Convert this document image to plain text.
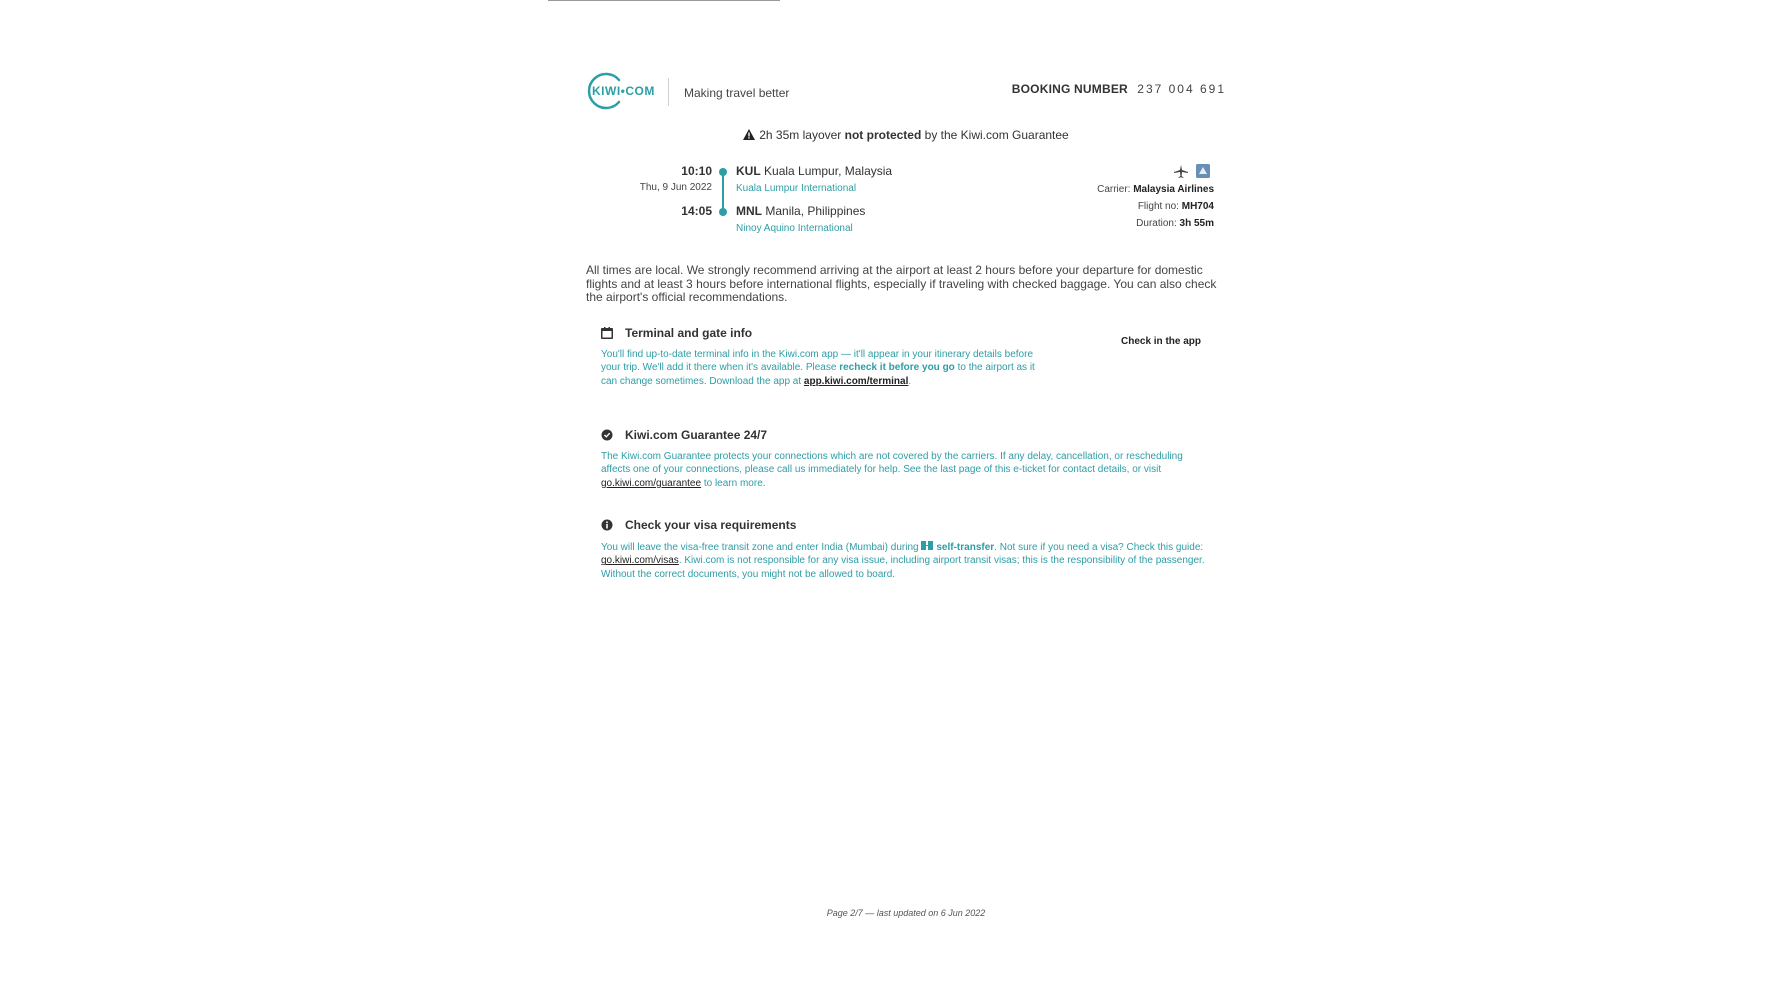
KIWI•COM Making travel better	BOOKING NUMBER 237 004 691
2h 35m layover not protected by the Kiwi.com Guarantee
10:10
Thu, 9 Jun 2022
14:05
KUL Kuala Lumpur, Malaysia
Kuala Lumpur International
MNL Manila, Philippines
Ninoy Aquino International
Carrier: Malaysia Airlines
Flight no: MH704
Duration: 3h 55m
All times are local. We strongly recommend arriving at the airport at least 2 hours before your departure for domestic flights and at least 3 hours before international flights, especially if traveling with checked baggage. You can also check the airport's official recommendations.
Terminal and gate info
You'll find up-to-date terminal info in the Kiwi.com app — it'll appear in your itinerary details before your trip. We'll add it there when it's available. Please recheck it before you go to the airport as it can change sometimes. Download the app at app.kiwi.com/terminal.
Check in the app
Kiwi.com Guarantee 24/7
The Kiwi.com Guarantee protects your connections which are not covered by the carriers. If any delay, cancellation, or rescheduling affects one of your connections, please call us immediately for help. See the last page of this e-ticket for contact details, or visit go.kiwi.com/guarantee to learn more.
Check your visa requirements
You will leave the visa-free transit zone and enter India (Mumbai) during self-transfer. Not sure if you need a visa? Check this guide: go.kiwi.com/visas. Kiwi.com is not responsible for any visa issue, including airport transit visas; this is the responsibility of the passenger. Without the correct documents, you might not be allowed to board.
Page 2/7 — last updated on 6 Jun 2022
